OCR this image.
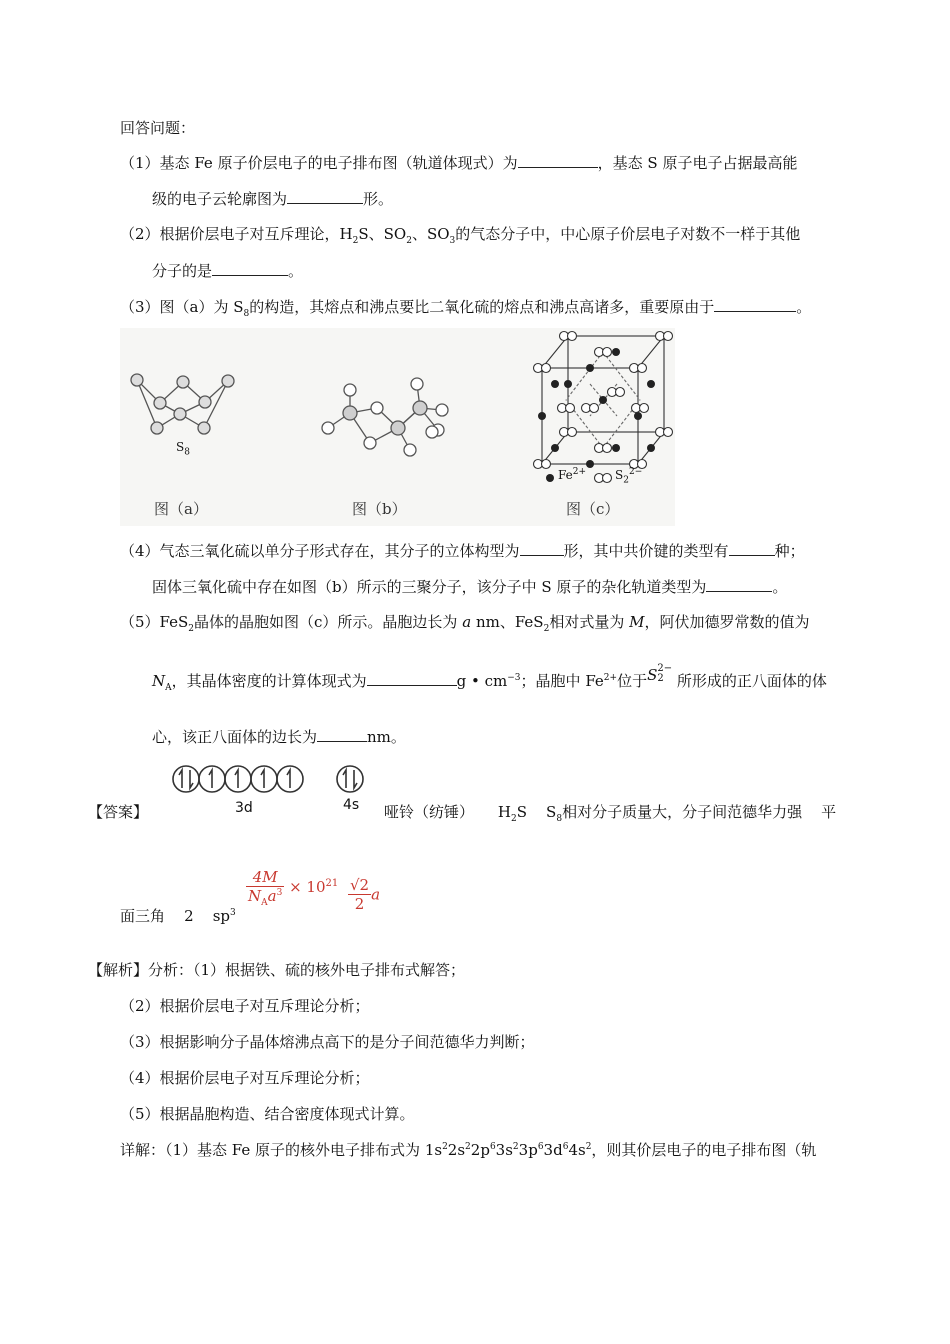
回答问题：
（1）基态 Fe 原子价层电子的电子排布图（轨道体现式）为	，基态 S 原子电子占据最高能
级的电子云轮廓图为	形。
（2）根据价层电子对互斥理论，$H_2S$、$SO_2$、$SO_3$的气态分子中，中心原子价层电子对数不一样于其他
分子的是	。
（3）图（a）为 $S_8$的构造，其熔点和沸点要比二氧化硫的熔点和沸点高诸多，重要原由于	。
$S_8$
$Fe^{2+}$ $S_2^{2-}$
图（a）	图（b）	图（c）
（4）气态三氧化硫以单分子形式存在，其分子的立体构型为	形，其中共价键的类型有	种；
固体三氧化硫中存在如图（b）所示的三聚分子，该分子中 S 原子的杂化轨道类型为	。
（5）FeS$_2$晶体的晶胞如图（c）所示。晶胞边长为 a nm、FeS$_2$相对式量为 M，阿伏加德罗常数的值为
$N_A$，其晶体密度的计算体现式为	g • $cm^{-3}$；晶胞中 $Fe^{2+}$位于S 2−
2 所形成的正八面体的体
心，该正八面体的边长为	nm。
3d	4s
【答案】	哑铃（纺锤） $H_2S$ $S_8$相对分子质量大，分子间范德华力强 平
面三角 2 $sp^3$
$\frac{4M}{N_Aa^3} \times 10^{21} \frac{√2}{2}$ a
【解析】分析：（1）根据铁、硫的核外电子排布式解答；
（2）根据价层电子对互斥理论分析；
（3）根据影响分子晶体熔沸点高下的是分子间范德华力判断；
（4）根据价层电子对互斥理论分析；
（5）根据晶胞构造、结合密度体现式计算。
详解：（1）基态 Fe 原子的核外电子排布式为 $1s^22s^22p^63s^23p^63d^64s^2$，则其价层电子的电子排布图（轨
